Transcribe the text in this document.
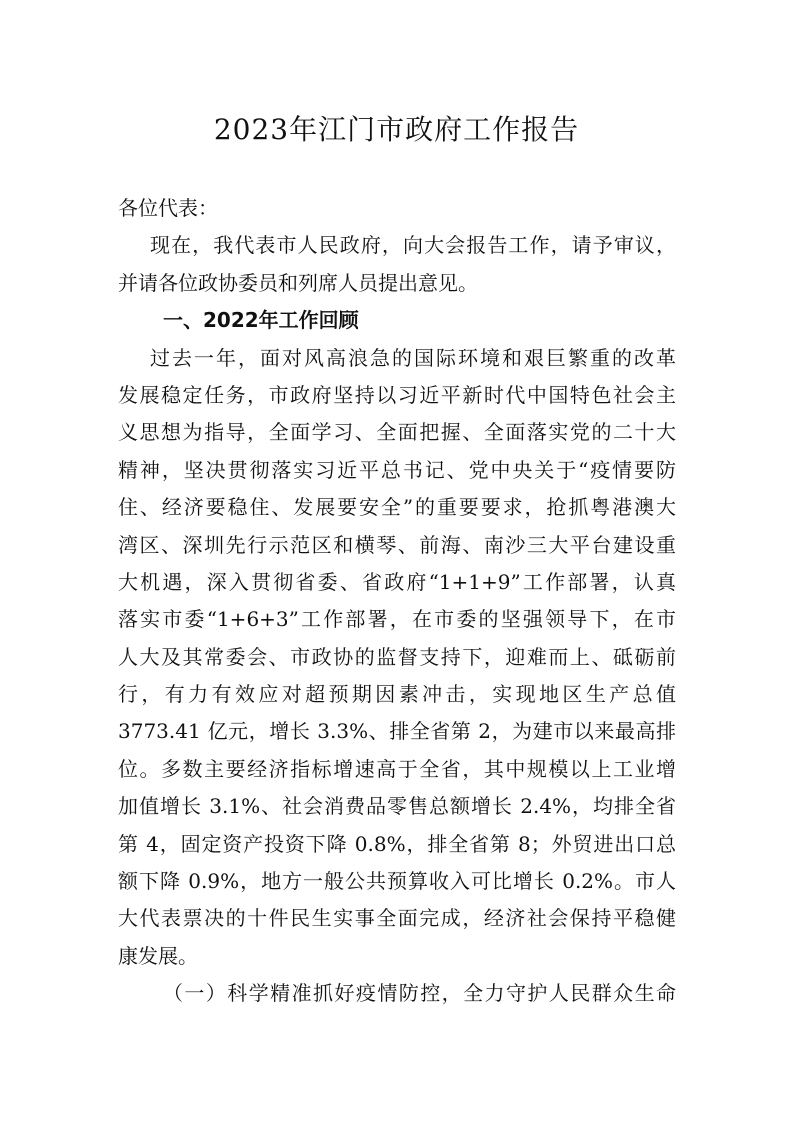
2023年江门市政府工作报告
各位代表：
现在，我代表市人民政府，向大会报告工作，请予审议，
并请各位政协委员和列席人员提出意见。
一、2022年工作回顾
过去一年，面对风高浪急的国际环境和艰巨繁重的改革
发展稳定任务，市政府坚持以习近平新时代中国特色社会主
义思想为指导，全面学习、全面把握、全面落实党的二十大
精神，坚决贯彻落实习近平总书记、党中央关于“疫情要防
住、经济要稳住、发展要安全”的重要要求，抢抓粤港澳大
湾区、深圳先行示范区和横琴、前海、南沙三大平台建设重
大机遇，深入贯彻省委、省政府“1+1+9”工作部署，认真
落实市委“1+6+3”工作部署，在市委的坚强领导下，在市
人大及其常委会、市政协的监督支持下，迎难而上、砥砺前
行，有力有效应对超预期因素冲击，实现地区生产总值
3773.41 亿元，增长 3.3%、排全省第 2，为建市以来最高排
位。多数主要经济指标增速高于全省，其中规模以上工业增
加值增长 3.1%、社会消费品零售总额增长 2.4%，均排全省
第 4，固定资产投资下降 0.8%，排全省第 8；外贸进出口总
额下降 0.9%，地方一般公共预算收入可比增长 0.2%。市人
大代表票决的十件民生实事全面完成，经济社会保持平稳健
康发展。
（一）科学精准抓好疫情防控，全力守护人民群众生命
